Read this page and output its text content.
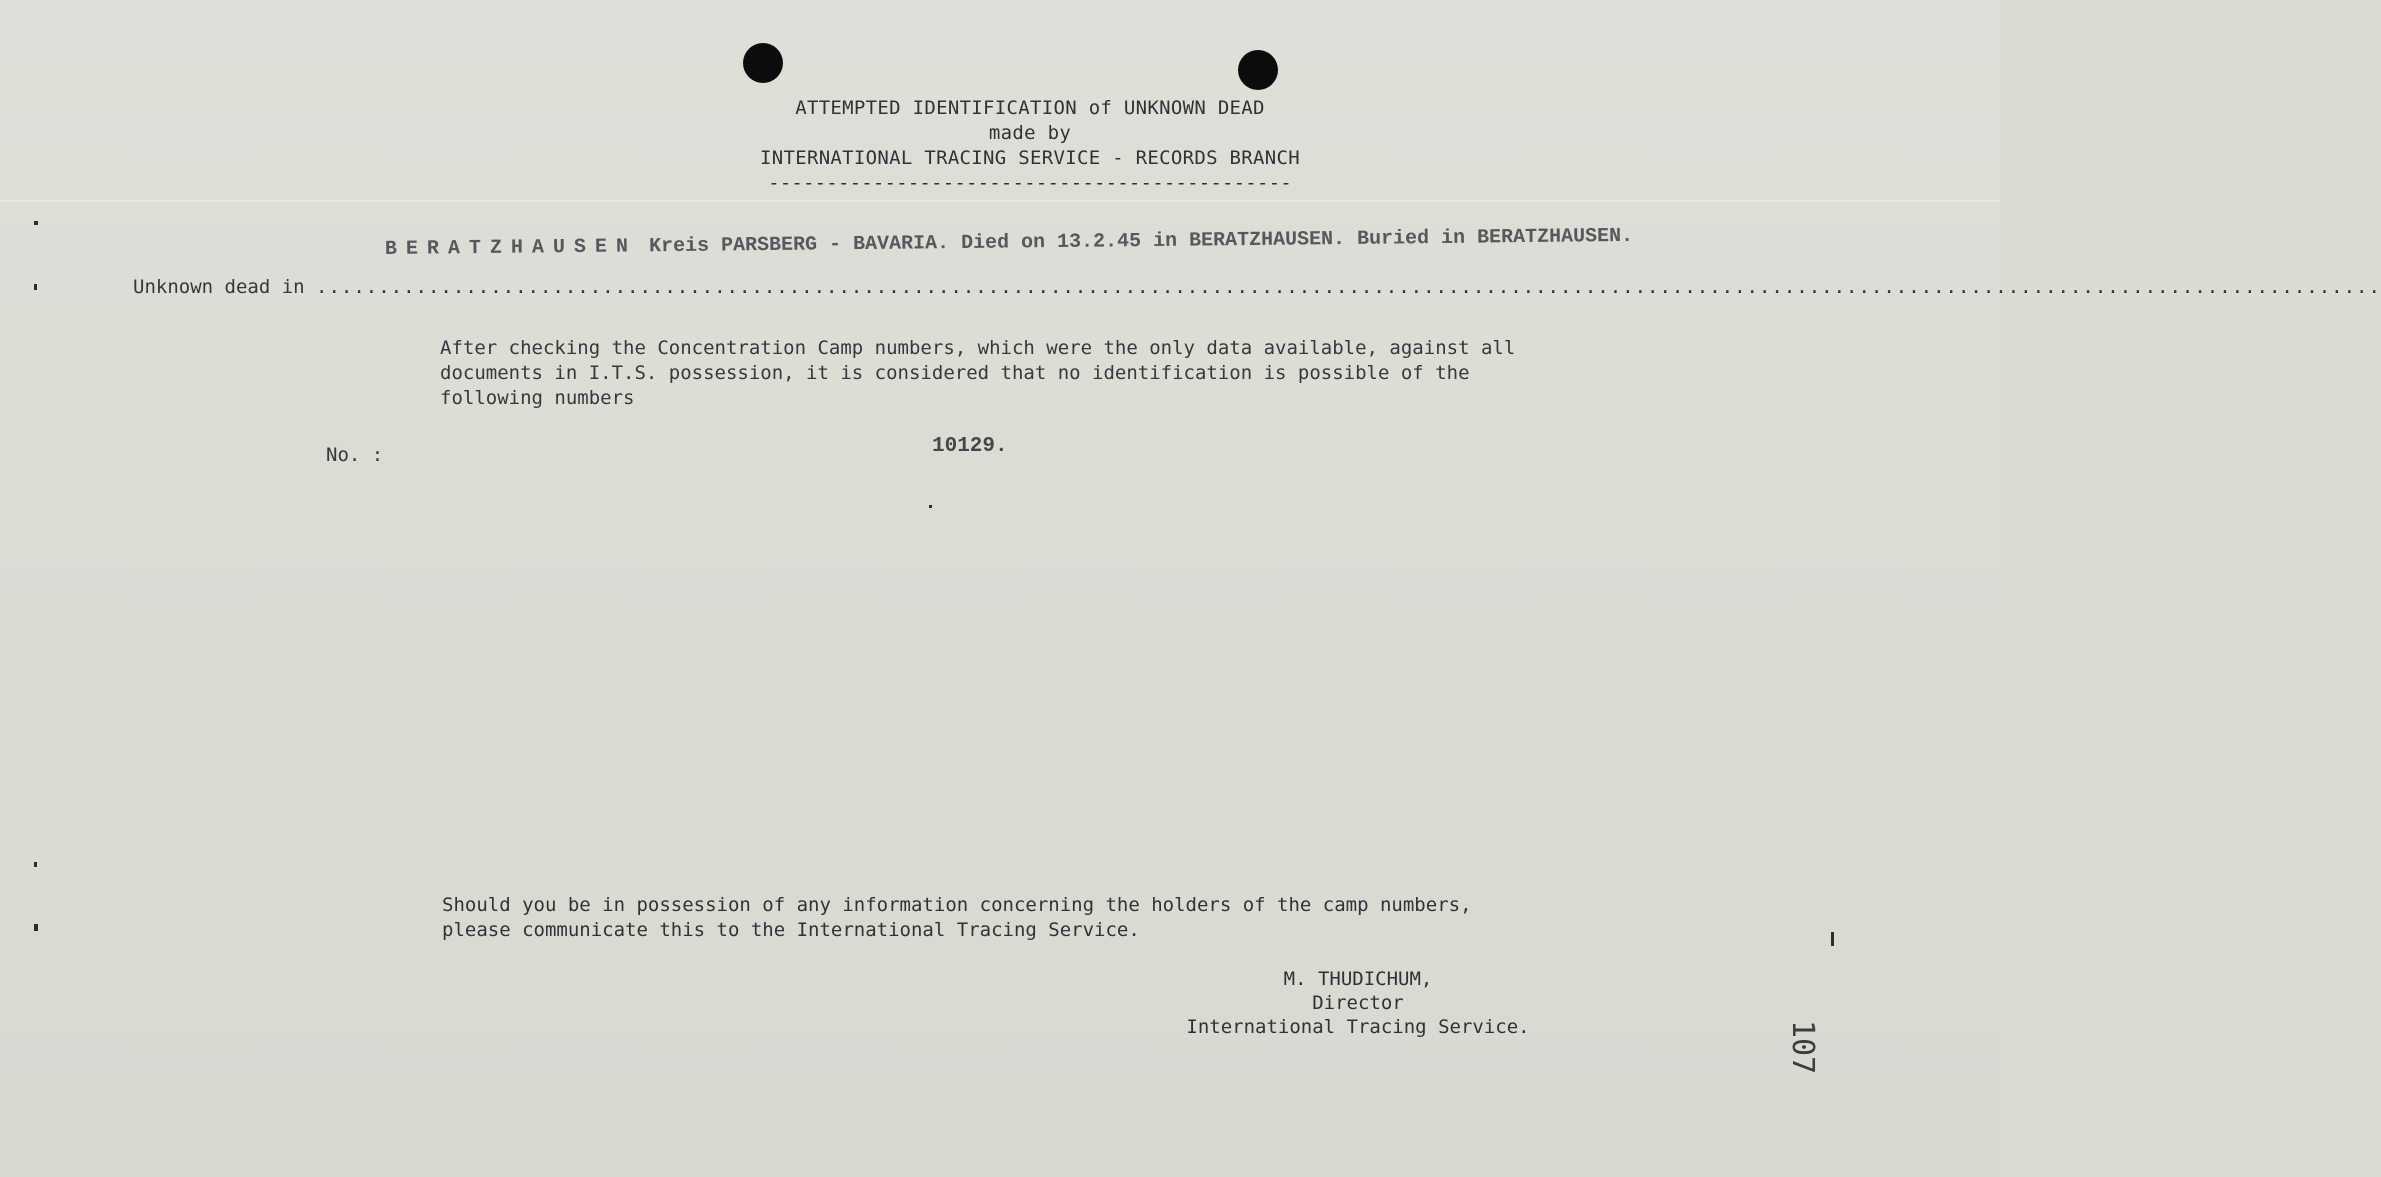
ATTEMPTED IDENTIFICATION of UNKNOWN DEAD
made by
INTERNATIONAL TRACING SERVICE - RECORDS BRANCH
---------------------------------------------
BERATZHAUSEN Kreis PARSBERG - BAVARIA. Died on 13.2.45 in BERATZHAUSEN. Buried in BERATZHAUSEN.
Unknown dead in ......................................................................................................................................................................
After checking the Concentration Camp numbers, which were the only data available, against all
documents in I.T.S. possession, it is considered that no identification is possible of the
following numbers
No. :	10129.
Should you be in possession of any information concerning the holders of the camp numbers,
please communicate this to the International Tracing Service.
M. THUDICHUM,
Director
International Tracing Service.	107
